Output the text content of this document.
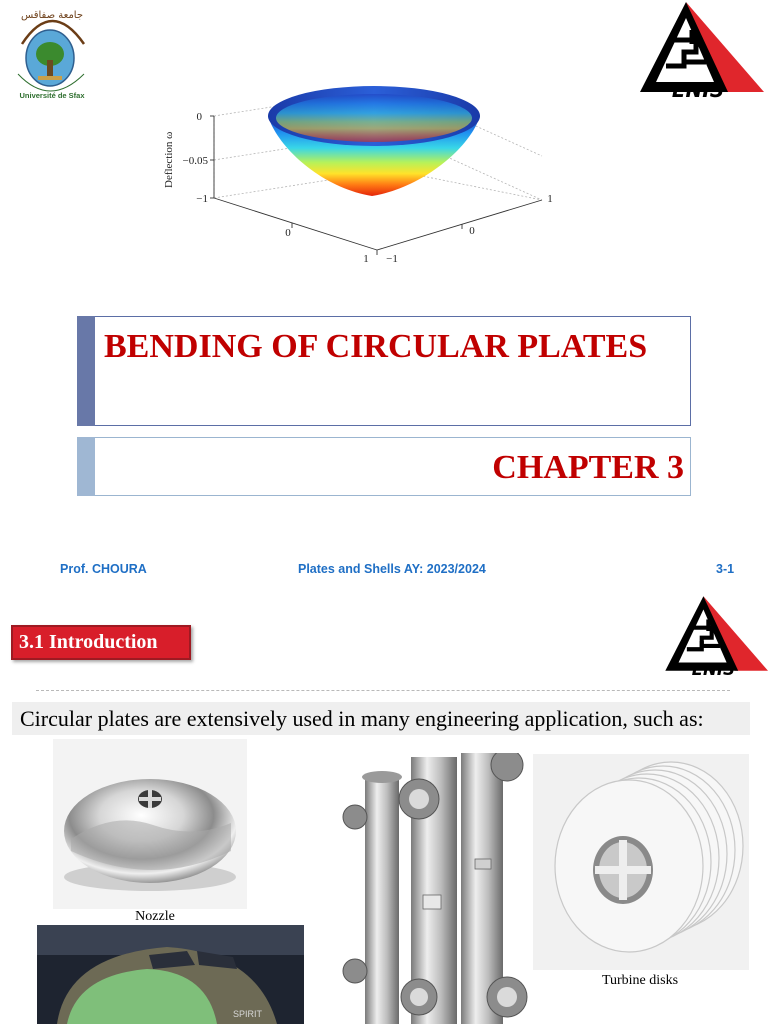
جامعة صفاقس
Université de Sfax	ENIS
0
−0.05
−1
0
1 −1
0
1
Deflection ω
BENDING OF CIRCULAR PLATES
CHAPTER 3
Prof. CHOURA	Plates and Shells AY: 2023/2024	3-1
3.1 Introduction
ENIS
Circular plates are extensively used in many engineering application, such as:
Nozzle
SPIRIT
Turbine disks
